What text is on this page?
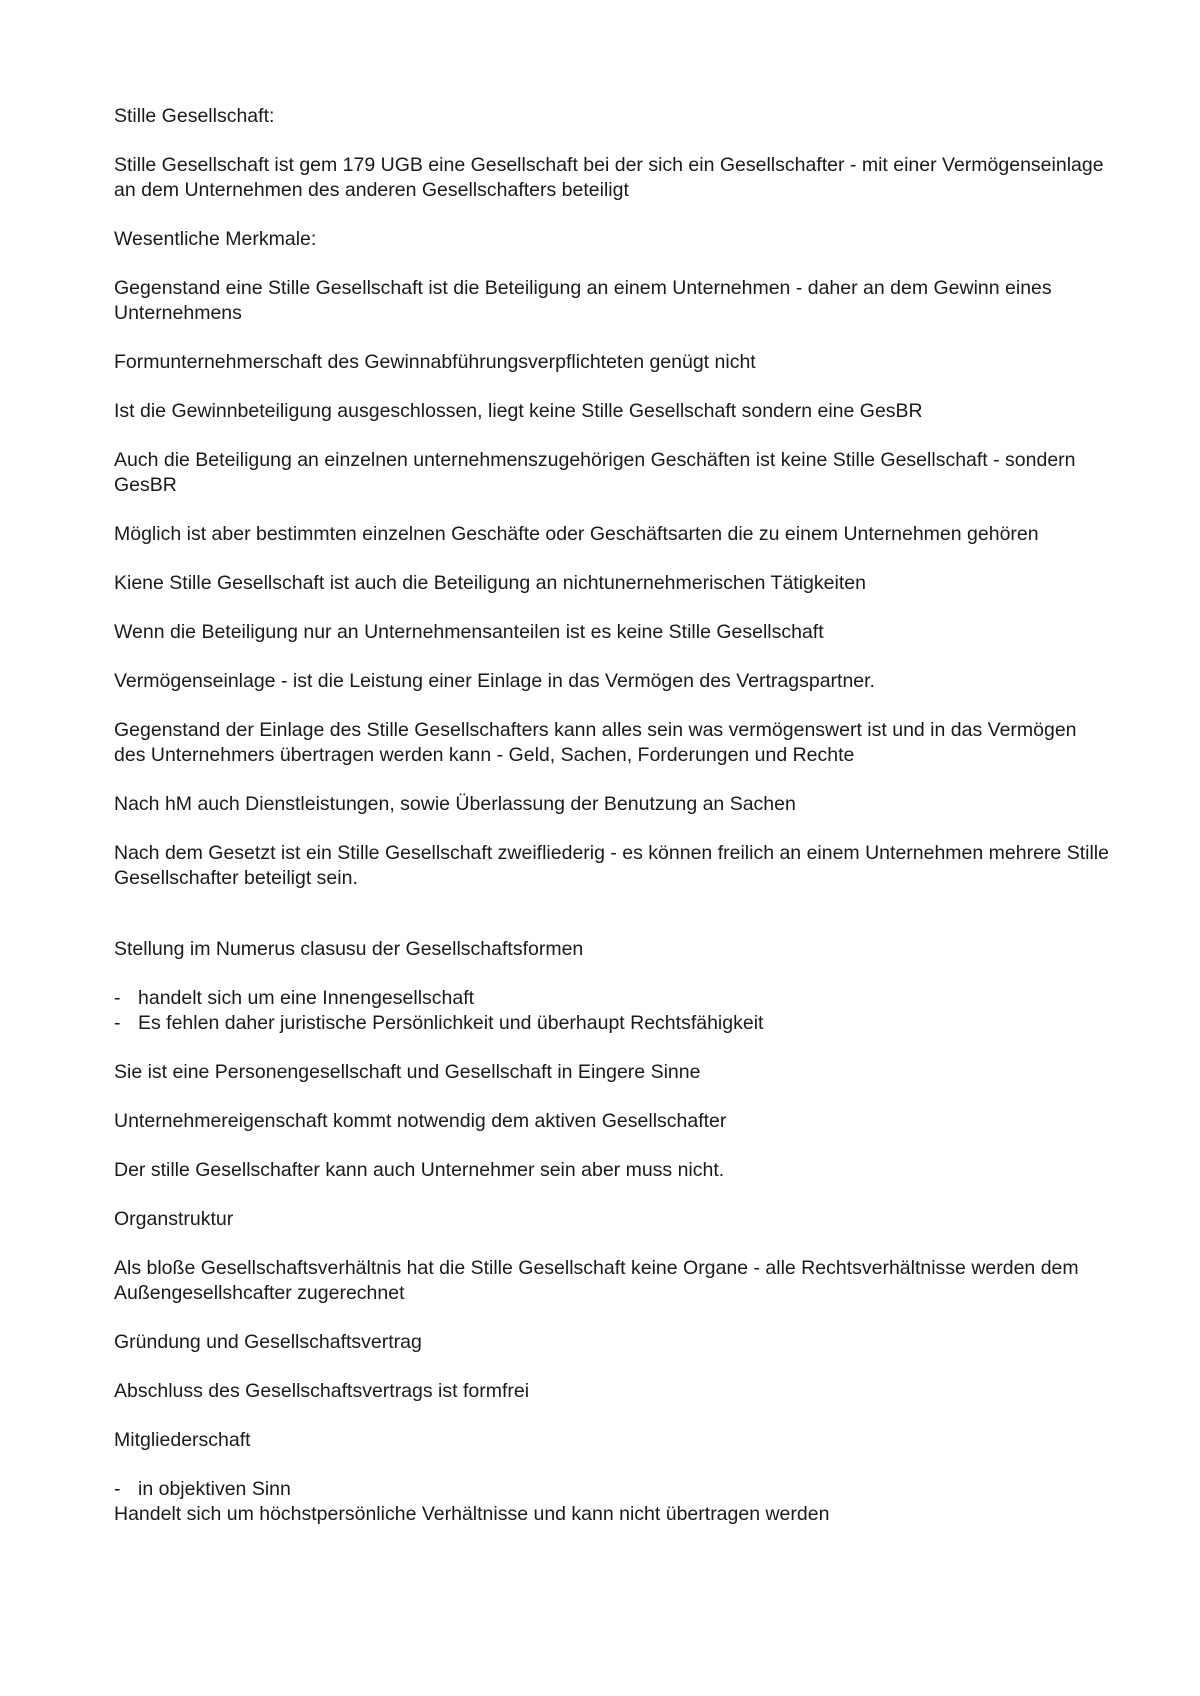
Stille Gesellschaft:

Stille Gesellschaft ist gem 179 UGB eine Gesellschaft bei der sich ein Gesellschafter - mit einer Vermögenseinlage an dem Unternehmen des anderen Gesellschafters beteiligt

Wesentliche Merkmale:

Gegenstand eine Stille Gesellschaft ist die Beteiligung an einem Unternehmen - daher an dem Gewinn eines Unternehmens

Formunternehmerschaft des Gewinnabführungsverpflichteten genügt nicht

Ist die Gewinnbeteiligung ausgeschlossen, liegt keine Stille Gesellschaft sondern eine GesBR

Auch die Beteiligung an einzelnen unternehmenszugehörigen Geschäften ist keine Stille Gesellschaft - sondern GesBR

Möglich ist aber bestimmten einzelnen Geschäfte oder Geschäftsarten die zu einem Unternehmen gehören

Kiene Stille Gesellschaft ist auch die Beteiligung an nichtunernehmerischen Tätigkeiten

Wenn die Beteiligung nur an Unternehmensanteilen ist es keine Stille Gesellschaft

Vermögenseinlage - ist die Leistung einer Einlage in das Vermögen des Vertragspartner.

Gegenstand der Einlage des Stille Gesellschafters kann alles sein was vermögenswert ist und in das Vermögen des Unternehmers übertragen werden kann - Geld, Sachen, Forderungen und Rechte

Nach hM auch Dienstleistungen, sowie Überlassung der Benutzung an Sachen

Nach dem Gesetzt ist ein Stille Gesellschaft zweifliederig - es können freilich an einem Unternehmen mehrere Stille Gesellschafter beteiligt sein.

Stellung im Numerus clasusu der Gesellschaftsformen

- handelt sich um eine Innengesellschaft
- Es fehlen daher juristische Persönlichkeit und überhaupt Rechtsfähigkeit

Sie ist eine Personengesellschaft und Gesellschaft in Eingere Sinne

Unternehmereigenschaft kommt notwendig dem aktiven Gesellschafter

Der stille Gesellschafter kann auch Unternehmer sein aber muss nicht.

Organstruktur

Als bloße Gesellschaftsverhältnis hat die Stille Gesellschaft keine Organe - alle Rechtsverhältnisse werden dem Außengesellshcafter zugerechnet

Gründung und Gesellschaftsvertrag

Abschluss des Gesellschaftsvertrags ist formfrei

Mitgliederschaft

- in objektiven Sinn

Handelt sich um höchstpersönliche Verhältnisse und kann nicht übertragen werden
